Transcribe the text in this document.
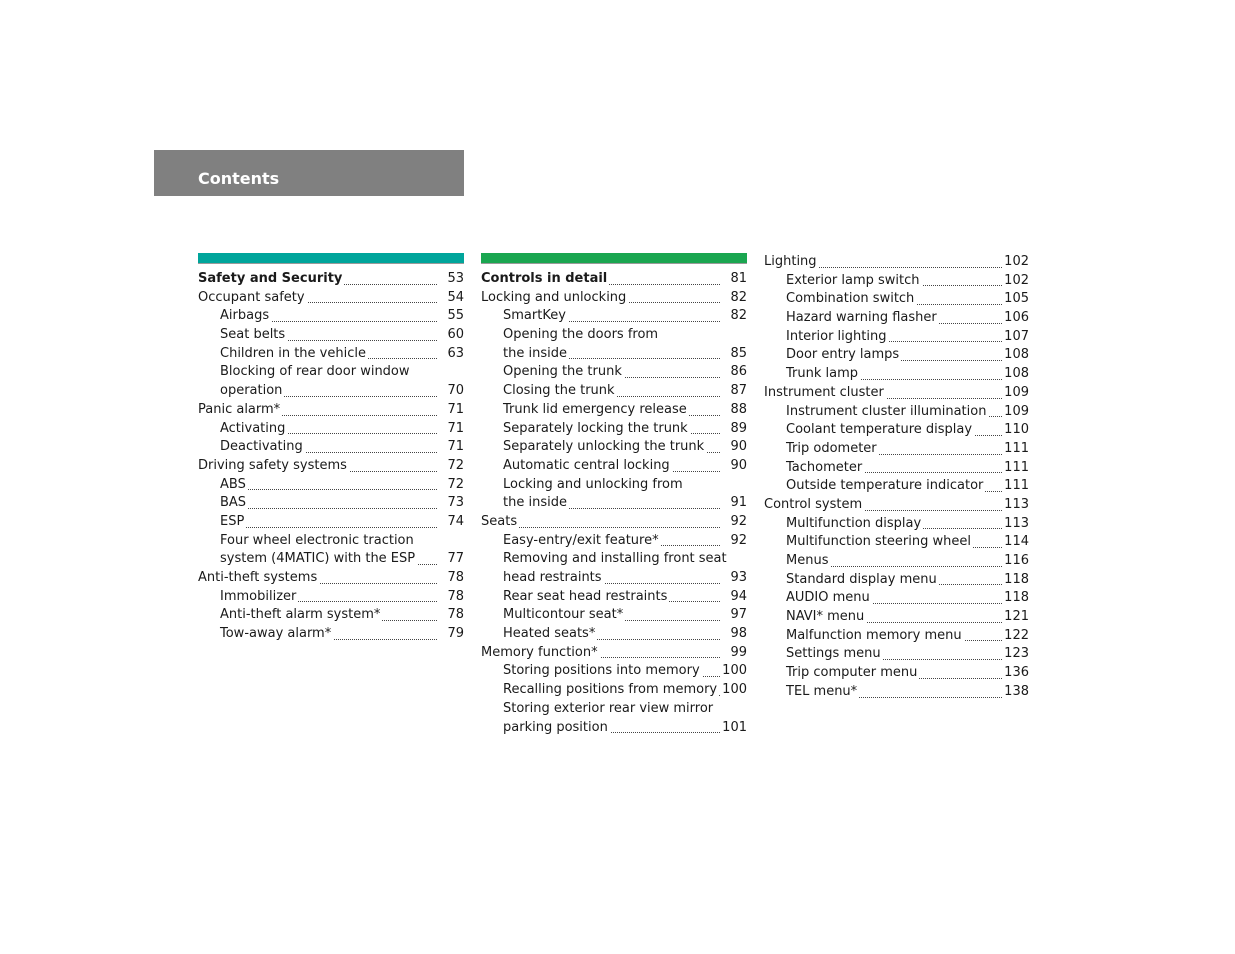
Contents
Safety and Security	53
Occupant safety	54
Airbags	55
Seat belts	60
Children in the vehicle	63
Blocking of rear door window
operation	70
Panic alarm*	71
Activating	71
Deactivating	71
Driving safety systems	72
ABS	72
BAS	73
ESP	74
Four wheel electronic traction
system (4MATIC) with the ESP	77
Anti-theft systems	78
Immobilizer	78
Anti-theft alarm system*	78
Tow-away alarm*	79
Controls in detail	81
Locking and unlocking	82
SmartKey	82
Opening the doors from
the inside	85
Opening the trunk	86
Closing the trunk	87
Trunk lid emergency release	88
Separately locking the trunk	89
Separately unlocking the trunk	90
Automatic central locking	90
Locking and unlocking from
the inside	91
Seats	92
Easy-entry/exit feature*	92
Removing and installing front seat
head restraints	93
Rear seat head restraints	94
Multicontour seat*	97
Heated seats*	98
Memory function*	99
Storing positions into memory 100
Recalling positions from memory 100
Storing exterior rear view mirror
parking position	101
Lighting	102
Exterior lamp switch	102
Combination switch	105
Hazard warning flasher	106
Interior lighting	107
Door entry lamps	108
Trunk lamp	108
Instrument cluster	109
Instrument cluster illumination 109
Coolant temperature display 110
Trip odometer	111
Tachometer	111
Outside temperature indicator 111
Control system	113
Multifunction display	113
Multifunction steering wheel	114
Menus	116
Standard display menu	118
AUDIO menu	118
NAVI* menu	121
Malfunction memory menu	122
Settings menu	123
Trip computer menu	136
TEL menu*	138
